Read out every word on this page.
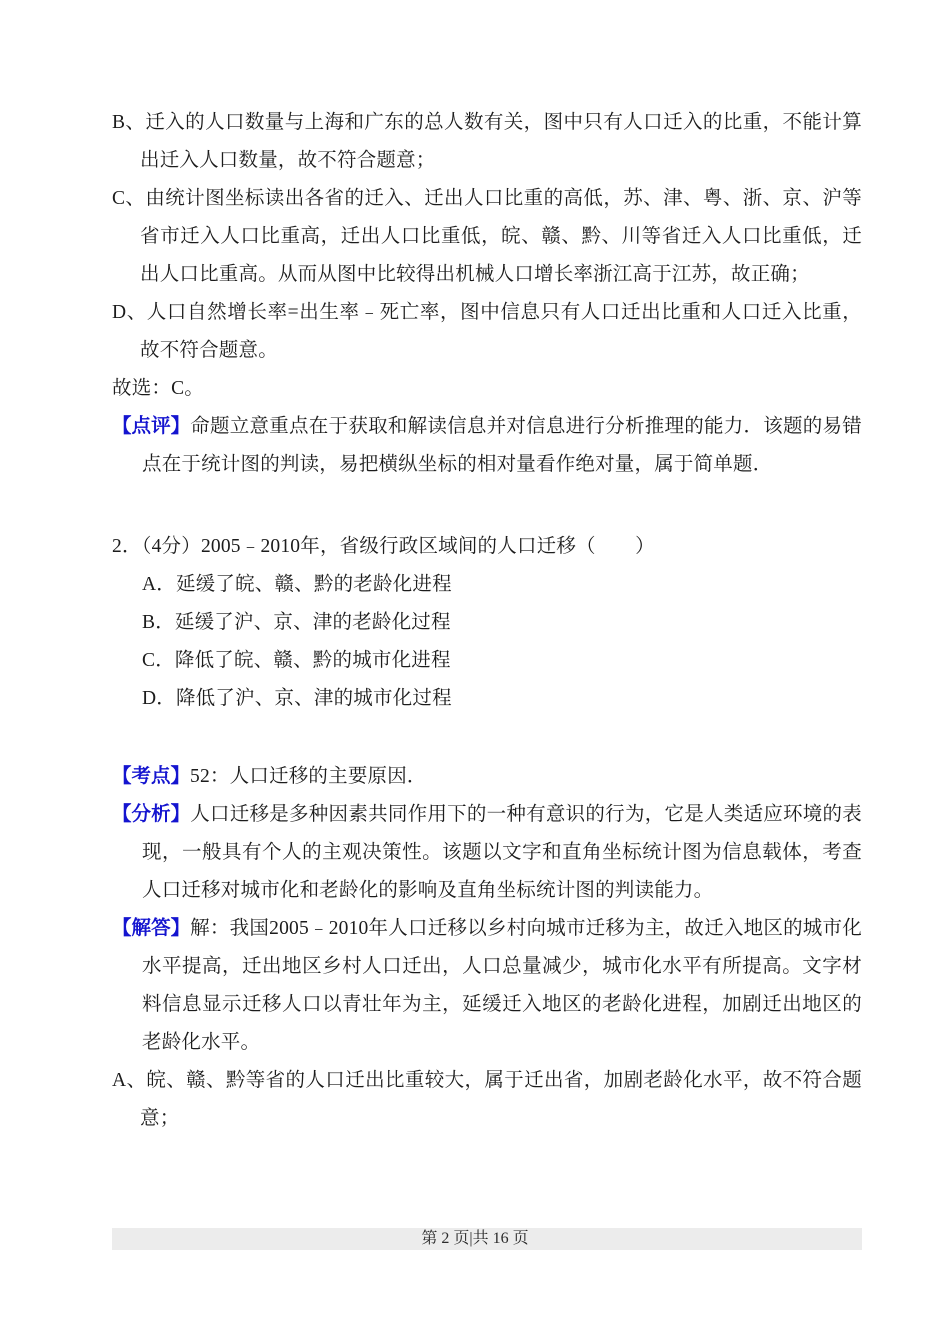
B、迁入的人口数量与上海和广东的总人数有关，图中只有人口迁入的比重，不能计算出迁入人口数量，故不符合题意；

C、由统计图坐标读出各省的迁入、迁出人口比重的高低，苏、津、粤、浙、京、沪等省市迁入人口比重高，迁出人口比重低，皖、赣、黔、川等省迁入人口比重低，迁出人口比重高。从而从图中比较得出机械人口增长率浙江高于江苏，故正确；

D、人口自然增长率=出生率﹣死亡率，图中信息只有人口迁出比重和人口迁入比重，故不符合题意。

故选：C。

【点评】命题立意重点在于获取和解读信息并对信息进行分析推理的能力．该题的易错点在于统计图的判读，易把横纵坐标的相对量看作绝对量，属于简单题．

2．（4分）2005﹣2010年，省级行政区域间的人口迁移（　　）

A．延缓了皖、赣、黔的老龄化进程

B．延缓了沪、京、津的老龄化过程

C．降低了皖、赣、黔的城市化进程

D．降低了沪、京、津的城市化过程

【考点】52：人口迁移的主要原因．

【分析】人口迁移是多种因素共同作用下的一种有意识的行为，它是人类适应环境的表现，一般具有个人的主观决策性。该题以文字和直角坐标统计图为信息载体，考查人口迁移对城市化和老龄化的影响及直角坐标统计图的判读能力。

【解答】解：我国2005﹣2010年人口迁移以乡村向城市迁移为主，故迁入地区的城市化水平提高，迁出地区乡村人口迁出，人口总量减少，城市化水平有所提高。文字材料信息显示迁移人口以青壮年为主，延缓迁入地区的老龄化进程，加剧迁出地区的老龄化水平。

A、皖、赣、黔等省的人口迁出比重较大，属于迁出省，加剧老龄化水平，故不符合题意；

第 2 页|共 16 页
